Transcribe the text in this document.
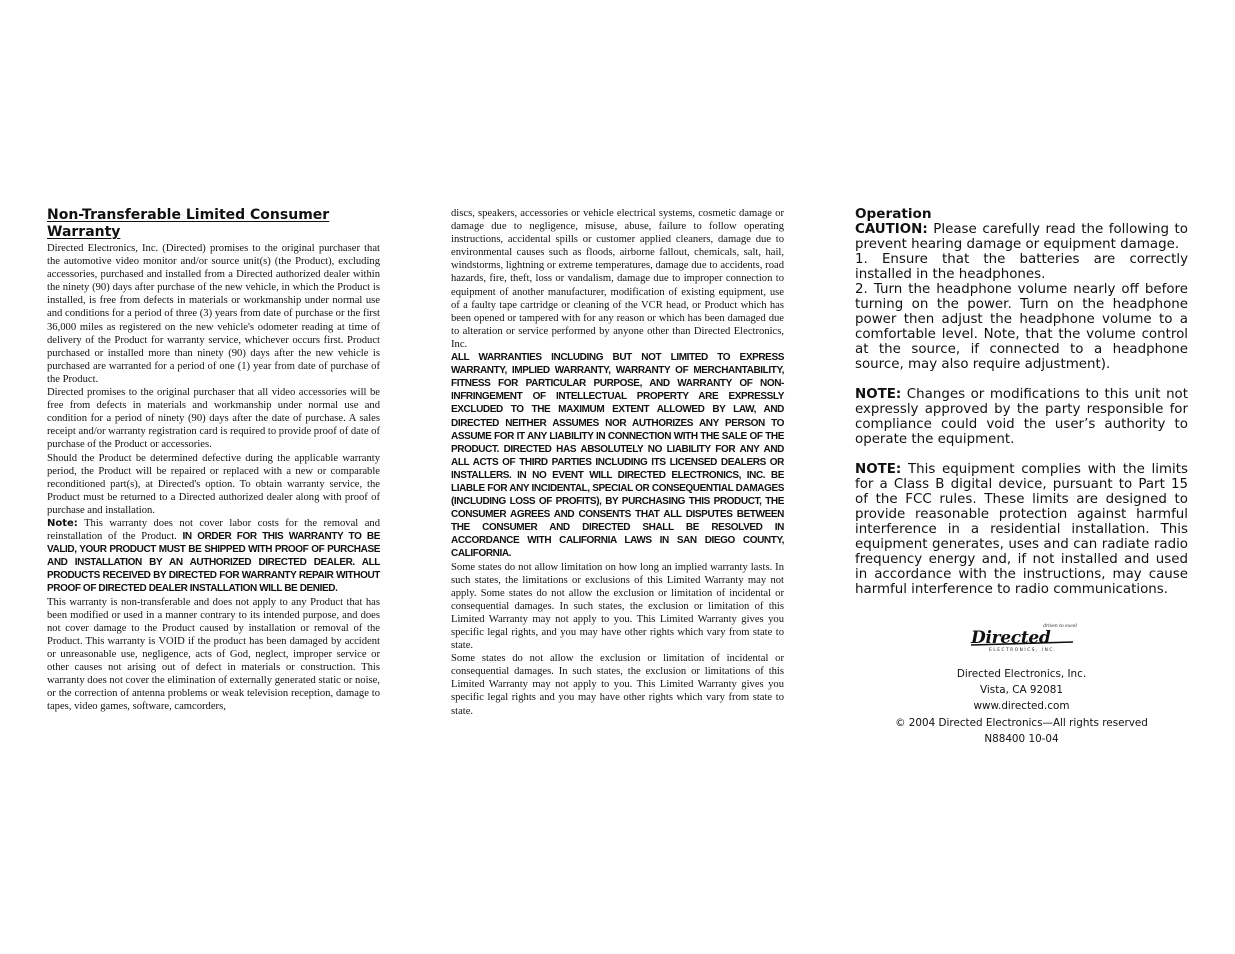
Non-Transferable Limited Consumer Warranty

Directed Electronics, Inc. (Directed) promises to the original purchaser that the automotive video monitor and/or source unit(s) (the Product), excluding accessories, purchased and installed from a Directed authorized dealer within the ninety (90) days after purchase of the new vehicle, in which the Product is installed, is free from defects in materials or workmanship under normal use and conditions for a period of three (3) years from date of purchase or the first 36,000 miles as registered on the new vehicle's odometer reading at time of delivery of the Product for warranty service, whichever occurs first. Product purchased or installed more than ninety (90) days after the new vehicle is purchased are warranted for a period of one (1) year from date of purchase of the Product.

Directed promises to the original purchaser that all video accessories will be free from defects in materials and workmanship under normal use and condition for a period of ninety (90) days after the date of purchase. A sales receipt and/or warranty registration card is required to provide proof of date of purchase of the Product or accessories.

Should the Product be determined defective during the applicable warranty period, the Product will be repaired or replaced with a new or comparable reconditioned part(s), at Directed's option. To obtain warranty service, the Product must be returned to a Directed authorized dealer along with proof of purchase and installation.

Note: This warranty does not cover labor costs for the removal and reinstallation of the Product. IN ORDER FOR THIS WARRANTY TO BE VALID, YOUR PRODUCT MUST BE SHIPPED WITH PROOF OF PURCHASE AND INSTALLATION BY AN AUTHORIZED DIRECTED DEALER. ALL PRODUCTS RECEIVED BY DIRECTED FOR WARRANTY REPAIR WITHOUT PROOF OF DIRECTED DEALER INSTALLATION WILL BE DENIED.

This warranty is non-transferable and does not apply to any Product that has been modified or used in a manner contrary to its intended purpose, and does not cover damage to the Product caused by installation or removal of the Product. This warranty is VOID if the product has been damaged by accident or unreasonable use, negligence, acts of God, neglect, improper service or other causes not arising out of defect in materials or construction. This warranty does not cover the elimination of externally generated static or noise, or the correction of antenna problems or weak television reception, damage to tapes, video games, software, camcorders,

discs, speakers, accessories or vehicle electrical systems, cosmetic damage or damage due to negligence, misuse, abuse, failure to follow operating instructions, accidental spills or customer applied cleaners, damage due to environmental causes such as floods, airborne fallout, chemicals, salt, hail, windstorms, lightning or extreme temperatures, damage due to accidents, road hazards, fire, theft, loss or vandalism, damage due to improper connection to equipment of another manufacturer, modification of existing equipment, use of a faulty tape cartridge or cleaning of the VCR head, or Product which has been opened or tampered with for any reason or which has been damaged due to alteration or service performed by anyone other than Directed Electronics, Inc.

ALL WARRANTIES INCLUDING BUT NOT LIMITED TO EXPRESS WARRANTY, IMPLIED WARRANTY, WARRANTY OF MERCHANTABILITY, FITNESS FOR PARTICULAR PURPOSE, AND WARRANTY OF NON-INFRINGEMENT OF INTELLECTUAL PROPERTY ARE EXPRESSLY EXCLUDED TO THE MAXIMUM EXTENT ALLOWED BY LAW, AND DIRECTED NEITHER ASSUMES NOR AUTHORIZES ANY PERSON TO ASSUME FOR IT ANY LIABILITY IN CONNECTION WITH THE SALE OF THE PRODUCT. DIRECTED HAS ABSOLUTELY NO LIABILITY FOR ANY AND ALL ACTS OF THIRD PARTIES INCLUDING ITS LICENSED DEALERS OR INSTALLERS. IN NO EVENT WILL DIRECTED ELECTRONICS, INC. BE LIABLE FOR ANY INCIDENTAL, SPECIAL OR CONSEQUENTIAL DAMAGES (INCLUDING LOSS OF PROFITS), BY PURCHASING THIS PRODUCT, THE CONSUMER AGREES AND CONSENTS THAT ALL DISPUTES BETWEEN THE CONSUMER AND DIRECTED SHALL BE RESOLVED IN ACCORDANCE WITH CALIFORNIA LAWS IN SAN DIEGO COUNTY, CALIFORNIA.

Some states do not allow limitation on how long an implied warranty lasts. In such states, the limitations or exclusions of this Limited Warranty may not apply. Some states do not allow the exclusion or limitation of incidental or consequential damages. In such states, the exclusion or limitation of this Limited Warranty may not apply to you. This Limited Warranty gives you specific legal rights, and you may have other rights which vary from state to state.

Some states do not allow the exclusion or limitation of incidental or consequential damages. In such states, the exclusion or limitations of this Limited Warranty may not apply to you. This Limited Warranty gives you specific legal rights and you may have other rights which vary from state to state.

Operation

CAUTION: Please carefully read the following to prevent hearing damage or equipment damage.

1. Ensure that the batteries are correctly installed in the headphones.

2. Turn the headphone volume nearly off before turning on the power. Turn on the headphone power then adjust the headphone volume to a comfortable level. Note, that the volume control at the source, if connected to a headphone source, may also require adjustment).

NOTE: Changes or modifications to this unit not expressly approved by the party responsible for compliance could void the user’s authority to operate the equipment.

NOTE: This equipment complies with the limits for a Class B digital device, pursuant to Part 15 of the FCC rules. These limits are designed to provide reasonable protection against harmful interference in a residential installation. This equipment generates, uses and can radiate radio frequency energy and, if not installed and used in accordance with the instructions, may cause harmful interference to radio communications.

driven to excel
Directed
ELECTRONICS, INC.
Directed Electronics, Inc.
Vista, CA 92081
www.directed.com
© 2004 Directed Electronics—All rights reserved
N88400 10-04
